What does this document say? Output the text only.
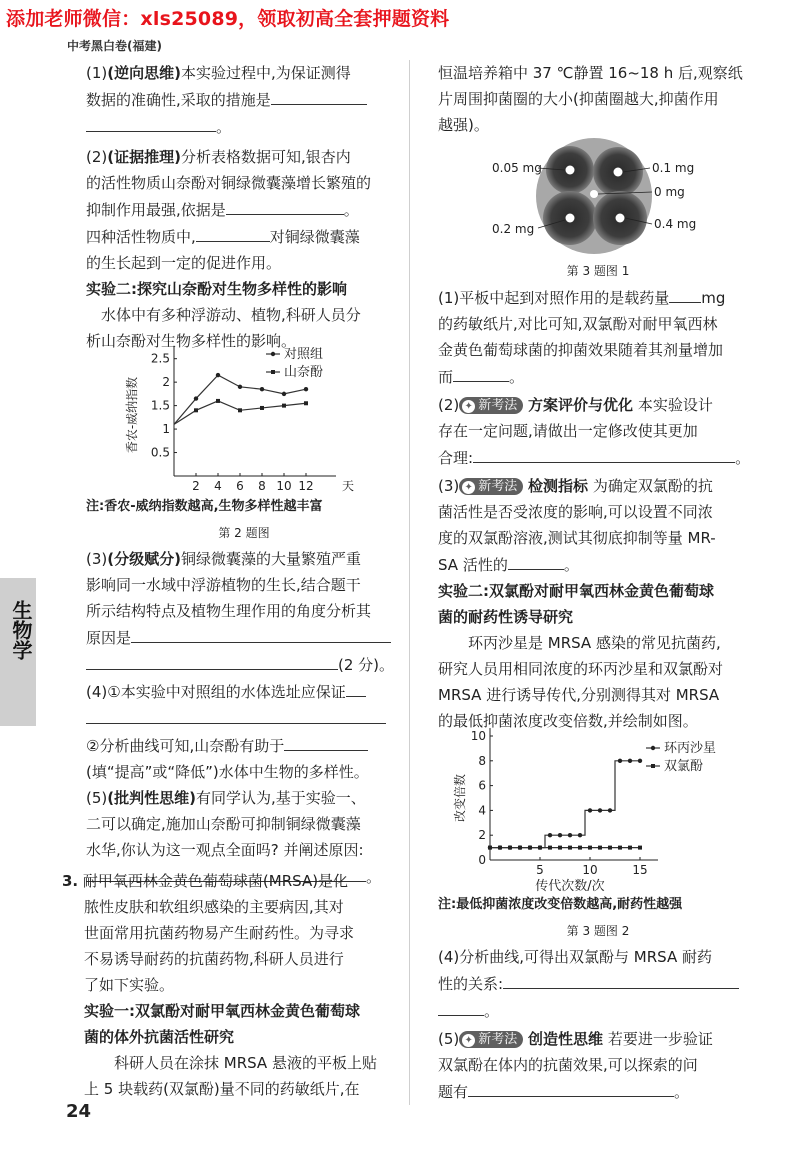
添加老师微信：xls25089，领取初高全套押题资料
中考黑白卷(福建)
生物学
24

(1)(逆向思维)本实验过程中,为保证测得

数据的准确性,采取的措施是

。

(2)(证据推理)分析表格数据可知,银杏内

的活性物质山奈酚对铜绿微囊藻增长繁殖的

抑制作用最强,依据是	。

四种活性物质中,	对铜绿微囊藻

的生长起到一定的促进作用。

实验二:探究山奈酚对生物多样性的影响

水体中有多种浮游动、植物,科研人员分

析山奈酚对生物多样性的影响。

0.5
1
1.5
2
2.5
2 4 6 8 10 12 天
香农-威纳指数
对照组
山奈酚

注:香农-威纳指数越高,生物多样性越丰富

第 2 题图

(3)(分级赋分)铜绿微囊藻的大量繁殖严重

影响同一水域中浮游植物的生长,结合题干

所示结构特点及植物生理作用的角度分析其

原因是

(2 分)。

(4)①本实验中对照组的水体选址应保证

②分析曲线可知,山奈酚有助于

(填“提高”或“降低”)水体中生物的多样性。

(5)(批判性思维)有同学认为,基于实验一、

二可以确定,施加山奈酚可抑制铜绿微囊藻

水华,你认为这一观点全面吗? 并阐述原因:

。

3. 耐甲氧西林金黄色葡萄球菌(MRSA)是化

脓性皮肤和软组织感染的主要病因,其对

世面常用抗菌药物易产生耐药性。为寻求

不易诱导耐药的抗菌药物,科研人员进行

了如下实验。

实验一:双氯酚对耐甲氧西林金黄色葡萄球

菌的体外抗菌活性研究

科研人员在涂抹 MRSA 悬液的平板上贴

上 5 块载药(双氯酚)量不同的药敏纸片,在

恒温培养箱中 37 ℃静置 16~18 h 后,观察纸

片周围抑菌圈的大小(抑菌圈越大,抑菌作用

越强)。

0.05 mg	0.1 mg
0 mg
0.2 mg	0.4 mg

第 3 题图 1

(1)平板中起到对照作用的是载药量 mg

的药敏纸片,对比可知,双氯酚对耐甲氧西林

金黄色葡萄球菌的抑菌效果随着其剂量增加

而	。

(2) ✦ 新考法 方案评价与优化 本实验设计

存在一定问题,请做出一定修改使其更加

合理:	。

(3) ✦ 新考法 检测指标 为确定双氯酚的抗

菌活性是否受浓度的影响,可以设置不同浓

度的双氯酚溶液,测试其彻底抑制等量 MR-

SA 活性的	。

实验二:双氯酚对耐甲氧西林金黄色葡萄球

菌的耐药性诱导研究

环丙沙星是 MRSA 感染的常见抗菌药,

研究人员用相同浓度的环丙沙星和双氯酚对

MRSA 进行诱导传代,分别测得其对 MRSA

的最低抑菌浓度改变倍数,并绘制如图。

0
2
4
6
8
10
5	10	15
传代次数/次
改变倍数
环丙沙星
双氯酚

注:最低抑菌浓度改变倍数越高,耐药性越强

第 3 题图 2

(4)分析曲线,可得出双氯酚与 MRSA 耐药

性的关系:

。

(5) ✦ 新考法 创造性思维 若要进一步验证

双氯酚在体内的抗菌效果,可以探索的问

题有	。
